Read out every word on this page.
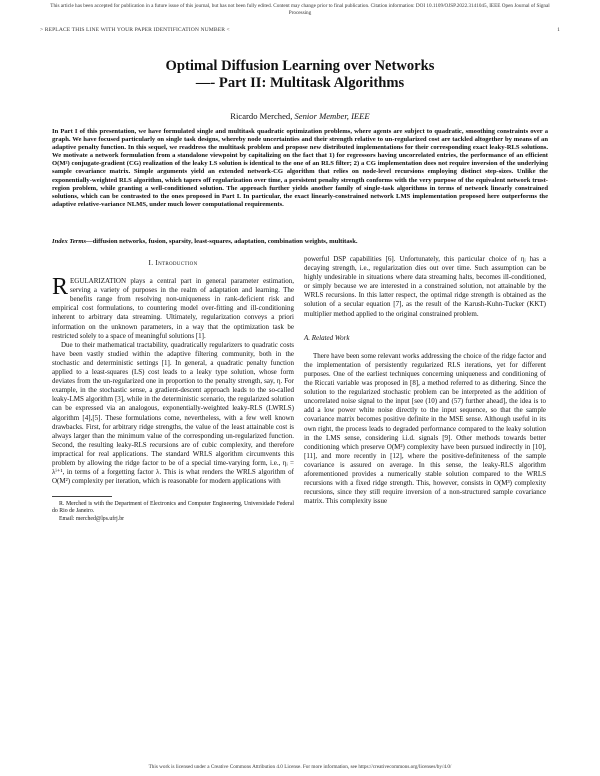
This article has been accepted for publication in a future issue of this journal, but has not been fully edited. Content may change prior to final publication. Citation information: DOI 10.1109/OJSP.2022.3141045, IEEE Open Journal of Signal Processing
> REPLACE THIS LINE WITH YOUR PAPER IDENTIFICATION NUMBER <	1
Optimal Diffusion Learning over Networks
—- Part II: Multitask Algorithms
Ricardo Merched, Senior Member, IEEE
In Part I of this presentation, we have formulated single and multitask quadratic optimization problems, where agents are subject to quadratic, smoothing constraints over a graph. We have focused particularly on single task designs, whereby node uncertainties and their strength relative to un-regularized cost are tackled altogether by means of an adaptive penalty function. In this sequel, we readdress the multitask problem and propose new distributed implementations for their corresponding exact leaky-RLS solutions. We motivate a network formulation from a standalone viewpoint by capitalizing on the fact that 1) for regressors having uncorrelated entries, the performance of an efficient O(M²) conjugate-gradient (CG) realization of the leaky LS solution is identical to the one of an RLS filter; 2) a CG implementation does not require inversion of the underlying sample covariance matrix. Simple arguments yield an extended network-CG algorithm that relies on node-level recursions employing distinct step-sizes. Unlike the exponentially-weighted RLS algorithm, which tapers off regularization over time, a persistent penalty strength conforms with the very purpose of the equivalent network trust-region problem, while granting a well-conditioned solution. The approach further yields another family of single-task algorithms in terms of network linearly constrained solutions, which can be contrasted to the ones proposed in Part I. In particular, the exact linearly-constrained network LMS implementation proposed here outperforms the adaptive relative-variance NLMS, under much lower computational requirements.
Index Terms—diffusion networks, fusion, sparsity, least-squares, adaptation, combination weights, multitask.
I. Introduction
REGULARIZATION plays a central part in general parameter estimation, serving a variety of purposes in the realm of adaptation and learning. The benefits range from resolving non-uniqueness in rank-deficient risk and empirical cost formulations, to countering model over-fitting and ill-conditioning inherent to arbitrary data streaming. Ultimately, regularization conveys a priori information on the unknown parameters, in a way that the optimization task be restricted solely to a space of meaningful solutions [1].
Due to their mathematical tractability, quadratically regularizers to quadratic costs have been vastly studied within the adaptive filtering community, both in the stochastic and deterministic settings [1]. In general, a quadratic penalty function applied to a least-squares (LS) cost leads to a leaky type solution, whose form deviates from the un-regularized one in proportion to the penalty strength, say, η. For example, in the stochastic sense, a gradient-descent approach leads to the so-called leaky-LMS algorithm [3], while in the deterministic scenario, the regularized solution can be expressed via an analogous, exponentially-weighted leaky-RLS (LWRLS) algorithm [4],[5]. These formulations come, nevertheless, with a few well known drawbacks. First, for arbitrary ridge strengths, the value of the least attainable cost is always larger than the minimum value of the corresponding un-regularized function. Second, the resulting leaky-RLS recursions are of cubic complexity, and therefore impractical for real applications. The standard WRLS algorithm circumvents this problem by allowing the ridge factor to be of a special time-varying form, i.e., ηᵢ = λⁱ⁺¹, in terms of a forgetting factor λ. This is what renders the WRLS algorithm of O(M²) complexity per iteration, which is reasonable for modern applications with
R. Merched is with the Department of Electronics and Computer Engineering, Universidade Federal do Rio de Janeiro.
Email: merched@lps.ufrj.br
powerful DSP capabilities [6]. Unfortunately, this particular choice of ηᵢ has a decaying strength, i.e., regularization dies out over time. Such assumption can be highly undesirable in situations where data streaming halts, becomes ill-conditioned, or simply because we are interested in a constrained solution, not attainable by the WRLS recursions. In this latter respect, the optimal ridge strength is obtained as the solution of a secular equation [7], as the result of the Karush-Kuhn-Tucker (KKT) multiplier method applied to the original constrained problem.
A. Related Work
There have been some relevant works addressing the choice of the ridge factor and the implementation of persistently regularized RLS iterations, yet for different purposes. One of the earliest techniques concerning uniqueness and conditioning of the Riccati variable was proposed in [8], a method referred to as dithering. Since the solution to the regularized stochastic problem can be interpreted as the addition of uncorrelated noise signal to the input [see (10) and (57) further ahead], the idea is to add a low power white noise directly to the input sequence, so that the sample covariance matrix becomes positive definite in the MSE sense. Although useful in its own right, the process leads to degraded performance compared to the leaky solution in the LMS sense, considering i.i.d. signals [9]. Other methods towards better conditioning which preserve O(M²) complexity have been pursued indirectly in [10],[11], and more recently in [12], where the positive-definiteness of the sample covariance is assured on average. In this sense, the leaky-RLS algorithm aforementioned provides a numerically stable solution compared to the WRLS recursions with a fixed ridge strength. This, however, consists in O(M³) complexity recursions, since they still require inversion of a non-structured sample covariance matrix. This complexity issue
This work is licensed under a Creative Commons Attribution 4.0 License. For more information, see https://creativecommons.org/licenses/by/4.0/
